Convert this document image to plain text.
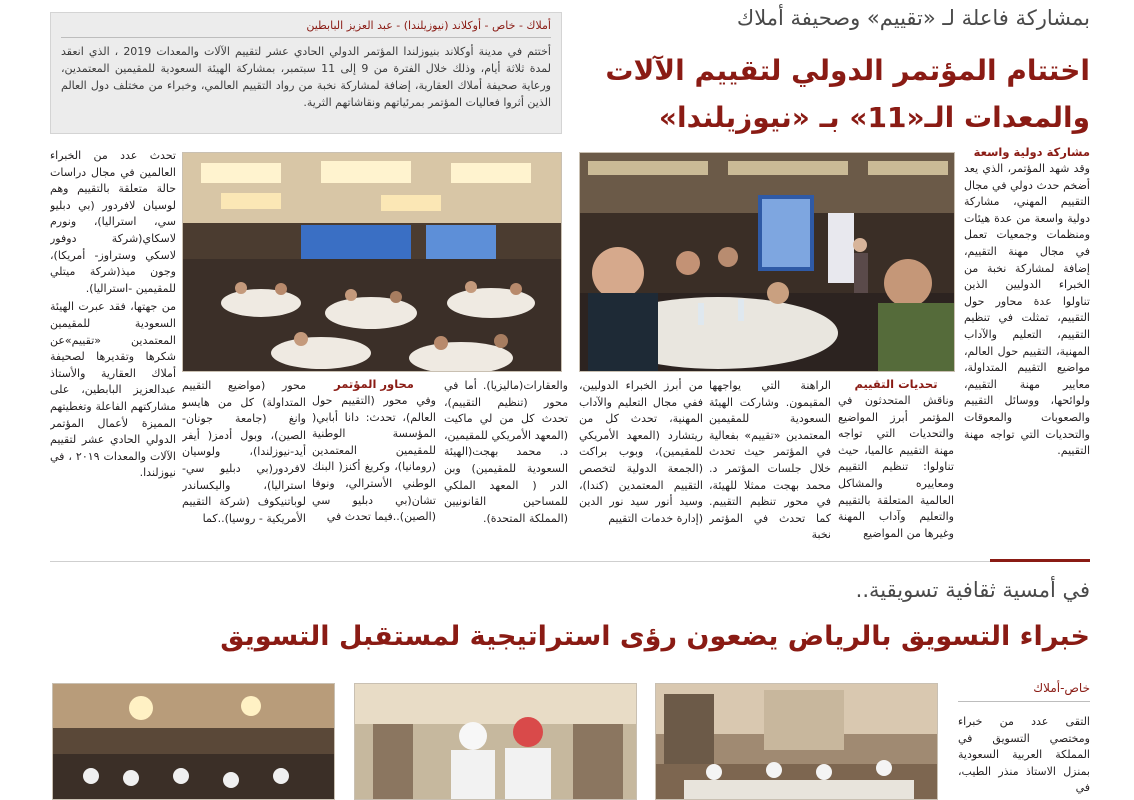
بمشاركة فاعلة لـ «تقييم» وصحيفة أملاك
اختتام المؤتمر الدولي لتقييم الآلات
والمعدات الـ«11» بـ «نيوزيلندا»
أملاك - خاص - أوكلاند (نيوزيلندا) - عبد العزيز البابطين
أختتم في مدينة أوكلاند بنيوزلندا المؤتمر الدولي الحادي عشر لتقييم الآلات والمعدات 2019 ، الذي انعقد لمدة ثلاثة أيام، وذلك خلال الفترة من 9 إلى 11 سبتمبر، بمشاركة الهيئة السعودية للمقيمين المعتمدين، ورعاية صحيفة أملاك العقارية، إضافة لمشاركة نخبة من رواد التقييم العالمي، وخبراء من مختلف دول العالم الذين أثروا فعاليات المؤتمر بمرئياتهم ونقاشاتهم الثرية.
مشاركة دولية واسعة

وقد شهد المؤتمر، الذي يعد أضخم حدث دولي في مجال التقييم المهني، مشاركة دولية واسعة من عدة هيئات ومنظمات وجمعيات تعمل في مجال مهنة التقييم، إضافة لمشاركة نخبة من الخبراء الدوليين الذين تناولوا عدة محاور حول التقييم، تمثلت في تنظيم التقييم، التعليم والآداب المهنية، التقييم حول العالم، مواضيع التقييم المتداولة، معايير مهنة التقييم، ولوائحها، ووسائل التقييم والصعوبات والمعوقات والتحديات التي تواجه مهنة التقييم.

تحدث عدد من الخبراء العالمين في مجال دراسات حالة متعلقة بالتقييم وهم لوسيان لافردور (بي دبليو سي، استراليا)، ونورم لاسكاي(شركة دوفور لاسكي وستراوز- أمريكا)، وجون ميذ(شركة ميتلي للمقيمين -استراليا).

من جهتها، فقد عبرت الهيئة السعودية للمقيمين المعتمدين «تقييم»عن شكرها وتقديرها لصحيفة أملاك العقارية والأستاذ عبدالعزيز البابطين، على مشاركتهم الفاعلة وتغطيتهم المميزة لأعمال المؤتمر الدولي الحادي عشر لتقييم الآلات والمعدات ٢٠١٩ ، في نيوزلندا.

تحديات التقييم

وناقش المتحدثون في المؤتمر أبرز المواضيع والتحديات التي تواجه مهنة التقييم عالميا، حيث تناولوا: تنظيم التقييم ومعاييره والمشاكل العالمية المتعلقة بالتقييم والتعليم وآداب المهنة وغيرها من المواضيع

الراهنة التي يواجهها المقيمون. وشاركت الهيئة السعودية للمقيمين المعتمدين «تقييم» بفعالية في المؤتمر حيث تحدث خلال جلسات المؤتمر د. محمد بهجت ممثلا للهيئة، في محور تنظيم التقييم. كما تحدث في المؤتمر نخبة

من أبرز الخبراء الدوليين، ففي مجال التعليم والآداب المهنية، تحدث كل من ريتشارد (المعهد الأمريكي للمقيمين)، وبوب براكت (الجمعة الدولية لتخصص التقييم المعتمدين (كندا)، وسيد أنور سيد نور الدين (إدارة خدمات التقييم

والعقارات(ماليزيا). أما في محور (تنظيم التقييم)، تحدث كل من لي ماكيت (المعهد الأمريكي للمقيمين، د. محمد بهجت(الهيئة السعودية للمقيمين) وبن الدر ( المعهد الملكي للمساحين القانونيين (المملكة المتحدة).

محاور المؤتمر

وفي محور (التقييم حول العالم)، تحدث: دانا أبابي( المؤسسة الوطنية للمقيمين المعتمدين (رومانيا)، وكريغ أكنز( البنك الوطني الأسترالي، ونوفا تشان(بي دبليو سي (الصين)..فيما تحدث في

محور (مواضيع التقييم المتداولة) كل من هايسو وانغ (جامعة جونان- الصين)، وبول أدمز( أيفر أيد-نيوزلندا)، ولوسيان لافردور(بي دبليو سي- استراليا)، واليكساندر لوباتنيكوف (شركة التقييم الأمريكية - روسيا)..كما

في أمسية ثقافية تسويقية..
خبراء التسويق بالرياض يضعون رؤى استراتيجية لمستقبل التسويق
خاص-أملاك

التقى عدد من خبراء ومختصي التسويق في المملكة العربية السعودية بمنزل الاستاذ منذر الطيب، في
